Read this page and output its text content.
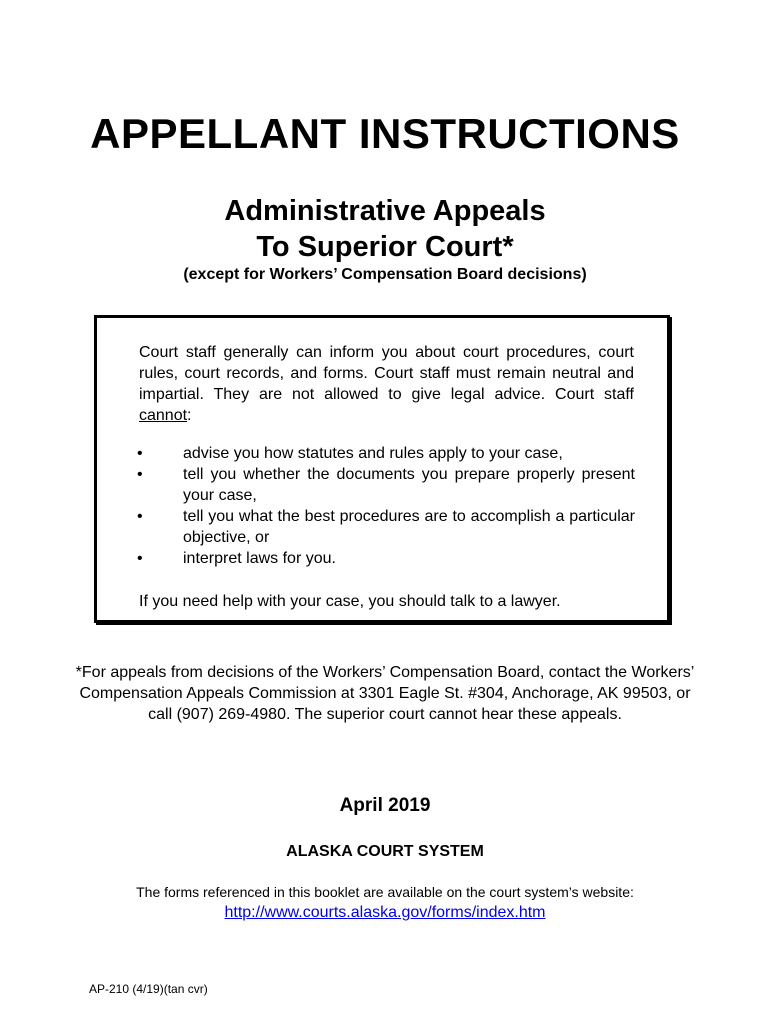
APPELLANT INSTRUCTIONS
Administrative Appeals
To Superior Court*

(except for Workers’ Compensation Board decisions)

Court staff generally can inform you about court procedures, court rules, court records, and forms. Court staff must remain neutral and impartial. They are not allowed to give legal advice. Court staff cannot:

•	advise you how statutes and rules apply to your case,
•	tell you whether the documents you prepare properly present your case,
•	tell you what the best procedures are to accomplish a particular objective, or
•	interpret laws for you.

If you need help with your case, you should talk to a lawyer.

*For appeals from decisions of the Workers’ Compensation Board, contact the Workers’ Compensation Appeals Commission at 3301 Eagle St. #304, Anchorage, AK 99503, or call (907) 269-4980. The superior court cannot hear these appeals.

April 2019

ALASKA COURT SYSTEM

The forms referenced in this booklet are available on the court system’s website:

http://www.courts.alaska.gov/forms/index.htm

AP-210 (4/19)(tan cvr)
